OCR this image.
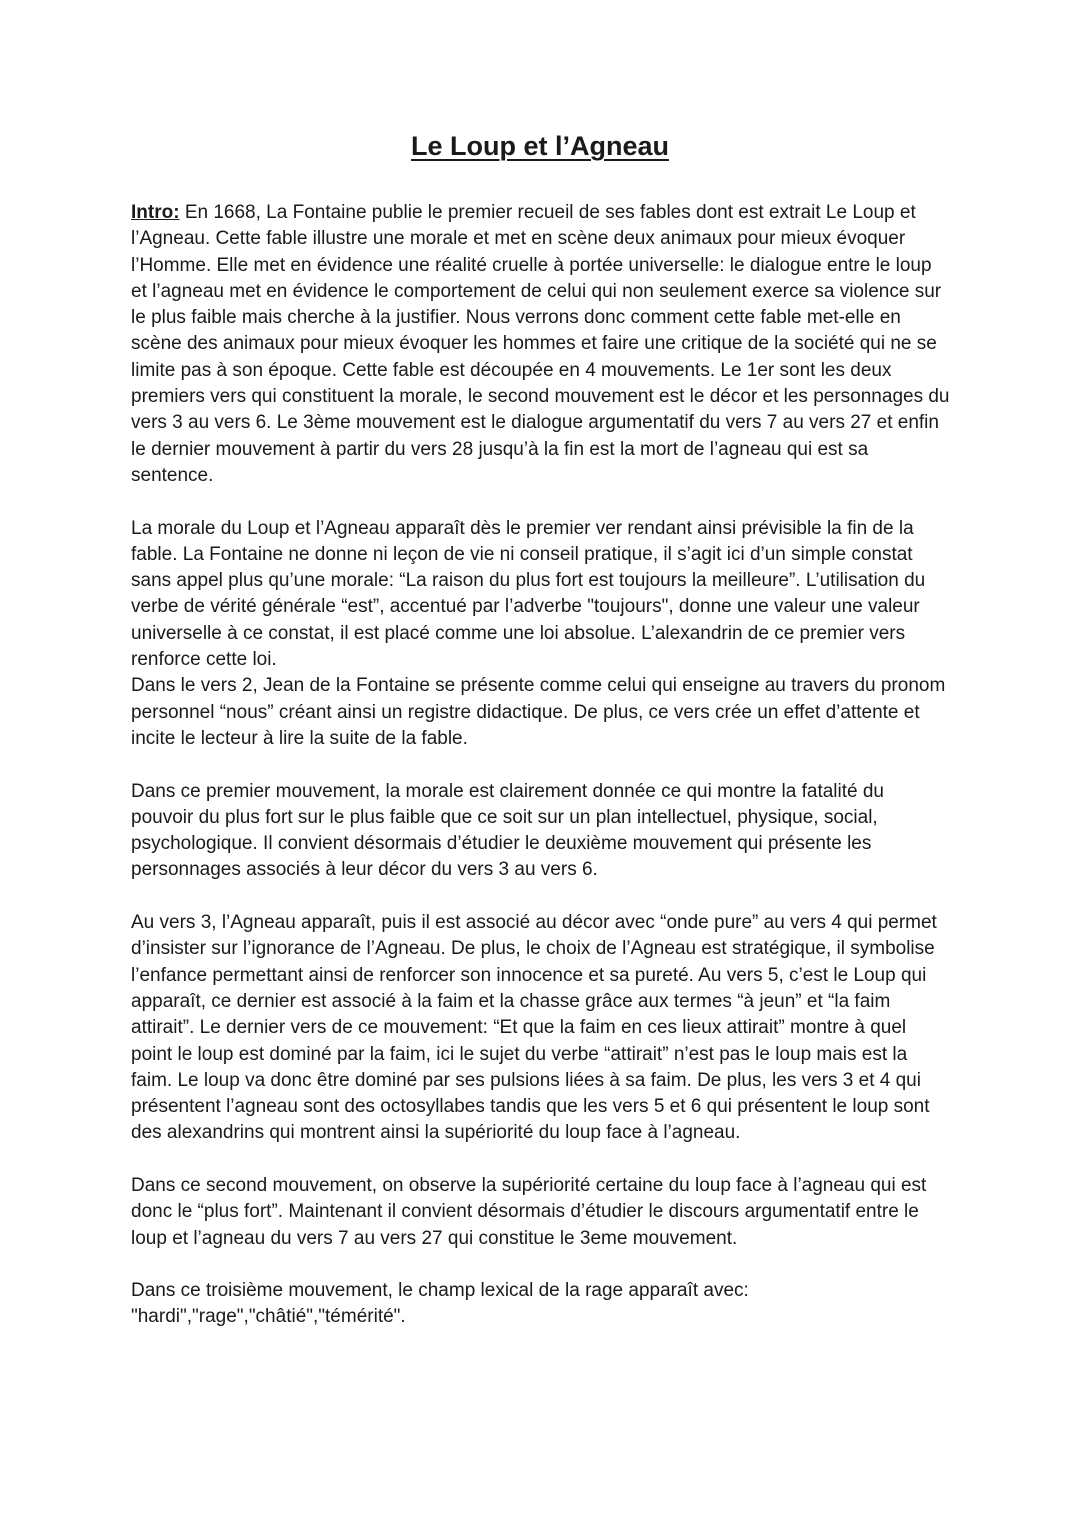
Le Loup et l’Agneau

Intro: En 1668, La Fontaine publie le premier recueil de ses fables dont est extrait Le Loup et l’Agneau. Cette fable illustre une morale et met en scène deux animaux pour mieux évoquer l’Homme. Elle met en évidence une réalité cruelle à portée universelle: le dialogue entre le loup et l’agneau met en évidence le comportement de celui qui non seulement exerce sa violence sur le plus faible mais cherche à la justifier. Nous verrons donc comment cette fable met-elle en scène des animaux pour mieux évoquer les hommes et faire une critique de la société qui ne se limite pas à son époque. Cette fable est découpée en 4 mouvements. Le 1er sont les deux premiers vers qui constituent la morale, le second mouvement est le décor et les personnages du vers 3 au vers 6. Le 3ème mouvement est le dialogue argumentatif du vers 7 au vers 27 et enfin le dernier mouvement à partir du vers 28 jusqu’à la fin est la mort de l’agneau qui est sa sentence.

La morale du Loup et l’Agneau apparaît dès le premier ver rendant ainsi prévisible la fin de la fable. La Fontaine ne donne ni leçon de vie ni conseil pratique, il s’agit ici d’un simple constat sans appel plus qu’une morale: “La raison du plus fort est toujours la meilleure”. L’utilisation du verbe de vérité générale “est”, accentué par l’adverbe "toujours", donne une valeur une valeur universelle à ce constat, il est placé comme une loi absolue. L’alexandrin de ce premier vers renforce cette loi.

Dans le vers 2, Jean de la Fontaine se présente comme celui qui enseigne au travers du pronom personnel “nous” créant ainsi un registre didactique. De plus, ce vers crée un effet d’attente et incite le lecteur à lire la suite de la fable.

Dans ce premier mouvement, la morale est clairement donnée ce qui montre la fatalité du pouvoir du plus fort sur le plus faible que ce soit sur un plan intellectuel, physique, social, psychologique. Il convient désormais d’étudier le deuxième mouvement qui présente les personnages associés à leur décor du vers 3 au vers 6.

Au vers 3, l’Agneau apparaît, puis il est associé au décor avec “onde pure” au vers 4 qui permet d’insister sur l’ignorance de l’Agneau. De plus, le choix de l’Agneau est stratégique, il symbolise l’enfance permettant ainsi de renforcer son innocence et sa pureté. Au vers 5, c’est le Loup qui apparaît, ce dernier est associé à la faim et la chasse grâce aux termes “à jeun” et “la faim attirait”. Le dernier vers de ce mouvement: “Et que la faim en ces lieux attirait” montre à quel point le loup est dominé par la faim, ici le sujet du verbe “attirait” n’est pas le loup mais est la faim. Le loup va donc être dominé par ses pulsions liées à sa faim. De plus, les vers 3 et 4 qui présentent l’agneau sont des octosyllabes tandis que les vers 5 et 6 qui présentent le loup sont des alexandrins qui montrent ainsi la supériorité du loup face à l’agneau.

Dans ce second mouvement, on observe la supériorité certaine du loup face à l’agneau qui est donc le “plus fort”. Maintenant il convient désormais d’étudier le discours argumentatif entre le loup et l’agneau du vers 7 au vers 27 qui constitue le 3eme mouvement.

Dans ce troisième mouvement, le champ lexical de la rage apparaît avec: "hardi","rage","châtié","témérité".
